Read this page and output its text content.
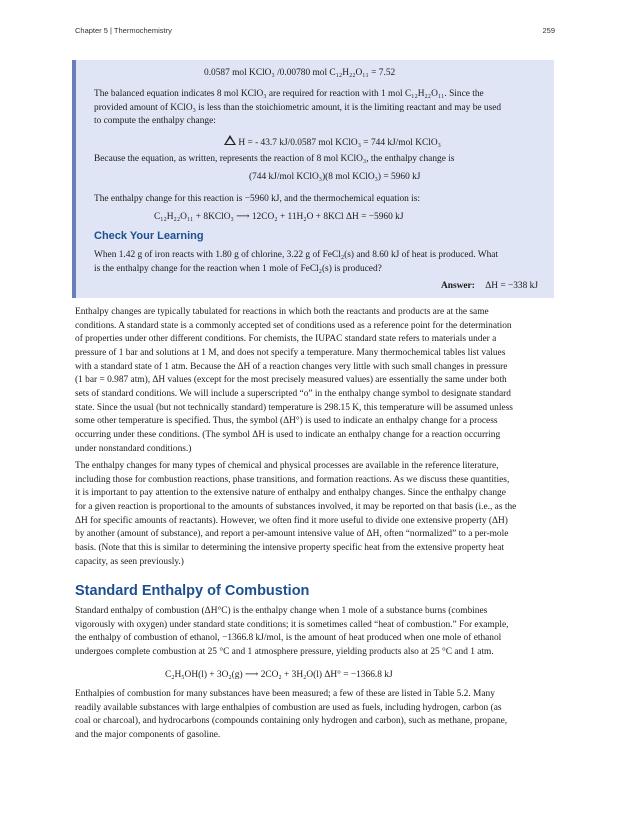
Chapter 5 | Thermochemistry	259
0.0587 mol KClO₃ /0.00780 mol C₁₂H₂₂O₁₁ = 7.52
The balanced equation indicates 8 mol KClO₃ are required for reaction with 1 mol C₁₂H₂₂O₁₁. Since the
provided amount of KClO₃ is less than the stoichiometric amount, it is the limiting reactant and may be used
to compute the enthalpy change:
H = - 43.7 kJ/0.0587 mol KClO₃ = 744 kJ/mol KClO₃
Because the equation, as written, represents the reaction of 8 mol KClO₃, the enthalpy change is
(744 kJ/mol KClO₃)(8 mol KClO₃) = 5960 kJ
The enthalpy change for this reaction is −5960 kJ, and the thermochemical equation is:
C₁₂H₂₂O₁₁ + 8KClO₃ ⟶ 12CO₂ + 11H₂O + 8KCl ΔH = −5960 kJ
Check Your Learning
When 1.42 g of iron reacts with 1.80 g of chlorine, 3.22 g of FeCl₂(s) and 8.60 kJ of heat is produced. What
is the enthalpy change for the reaction when 1 mole of FeCl₂(s) is produced?
Answer: ΔH = −338 kJ
Enthalpy changes are typically tabulated for reactions in which both the reactants and products are at the same
conditions. A standard state is a commonly accepted set of conditions used as a reference point for the determination
of properties under other different conditions. For chemists, the IUPAC standard state refers to materials under a
pressure of 1 bar and solutions at 1 M, and does not specify a temperature. Many thermochemical tables list values
with a standard state of 1 atm. Because the ΔH of a reaction changes very little with such small changes in pressure
(1 bar = 0.987 atm), ΔH values (except for the most precisely measured values) are essentially the same under both
sets of standard conditions. We will include a superscripted “o” in the enthalpy change symbol to designate standard
state. Since the usual (but not technically standard) temperature is 298.15 K, this temperature will be assumed unless
some other temperature is specified. Thus, the symbol (ΔH°) is used to indicate an enthalpy change for a process
occurring under these conditions. (The symbol ΔH is used to indicate an enthalpy change for a reaction occurring
under nonstandard conditions.)
The enthalpy changes for many types of chemical and physical processes are available in the reference literature,
including those for combustion reactions, phase transitions, and formation reactions. As we discuss these quantities,
it is important to pay attention to the extensive nature of enthalpy and enthalpy changes. Since the enthalpy change
for a given reaction is proportional to the amounts of substances involved, it may be reported on that basis (i.e., as the
ΔH for specific amounts of reactants). However, we often find it more useful to divide one extensive property (ΔH)
by another (amount of substance), and report a per-amount intensive value of ΔH, often “normalized” to a per-mole
basis. (Note that this is similar to determining the intensive property specific heat from the extensive property heat
capacity, as seen previously.)
Standard Enthalpy of Combustion
Standard enthalpy of combustion (ΔH°C) is the enthalpy change when 1 mole of a substance burns (combines
vigorously with oxygen) under standard state conditions; it is sometimes called “heat of combustion.” For example,
the enthalpy of combustion of ethanol, −1366.8 kJ/mol, is the amount of heat produced when one mole of ethanol
undergoes complete combustion at 25 °C and 1 atmosphere pressure, yielding products also at 25 °C and 1 atm.
C₂H₅OH(l) + 3O₂(g) ⟶ 2CO₂ + 3H₂O(l) ΔH° = −1366.8 kJ
Enthalpies of combustion for many substances have been measured; a few of these are listed in Table 5.2. Many
readily available substances with large enthalpies of combustion are used as fuels, including hydrogen, carbon (as
coal or charcoal), and hydrocarbons (compounds containing only hydrogen and carbon), such as methane, propane,
and the major components of gasoline.
